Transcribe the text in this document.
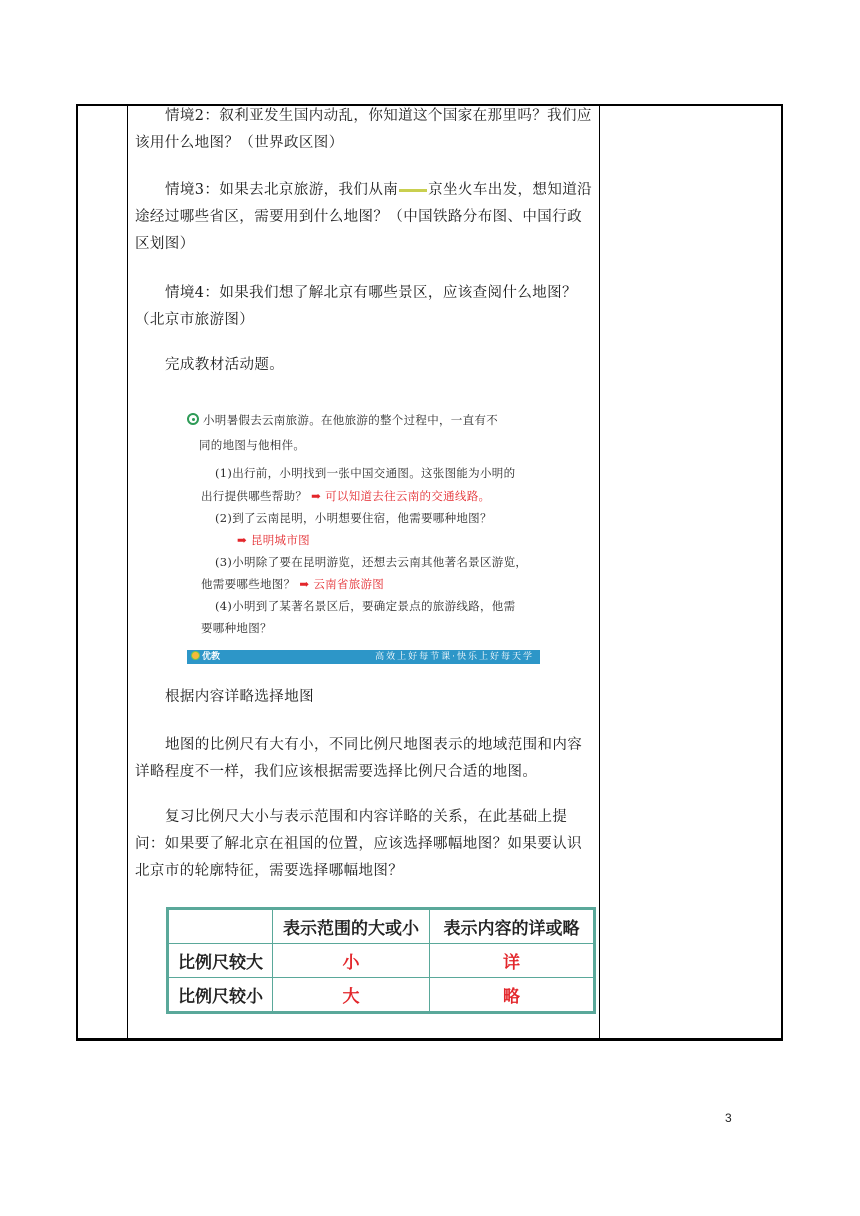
情境2：叙利亚发生国内动乱，你知道这个国家在那里吗？我们应该用什么地图？（世界政区图）
情境3：如果去北京旅游，我们从南 京坐火车出发，想知道沿途经过哪些省区，需要用到什么地图？（中国铁路分布图、中国行政区划图）
情境4：如果我们想了解北京有哪些景区，应该查阅什么地图？（北京市旅游图）
完成教材活动题。
小明暑假去云南旅游。在他旅游的整个过程中，一直有不
同的地图与他相伴。
(1)出行前，小明找到一张中国交通图。这张图能为小明的
出行提供哪些帮助？ ➡ 可以知道去往云南的交通线路。
(2)到了云南昆明，小明想要住宿，他需要哪种地图？
➡ 昆明城市图
(3)小明除了要在昆明游览，还想去云南其他著名景区游览，
他需要哪些地图？ ➡ 云南省旅游图
(4)小明到了某著名景区后，要确定景点的旅游线路，他需
要哪种地图？
优教	高效上好每节课·快乐上好每天学
根据内容详略选择地图
地图的比例尺有大有小，不同比例尺地图表示的地域范围和内容详略程度不一样，我们应该根据需要选择比例尺合适的地图。
复习比例尺大小与表示范围和内容详略的关系，在此基础上提问：如果要了解北京在祖国的位置，应该选择哪幅地图？如果要认识北京市的轮廓特征，需要选择哪幅地图？
	表示范围的大或小	表示内容的详或略
比例尺较大	小	详
比例尺较小	大	略
3
